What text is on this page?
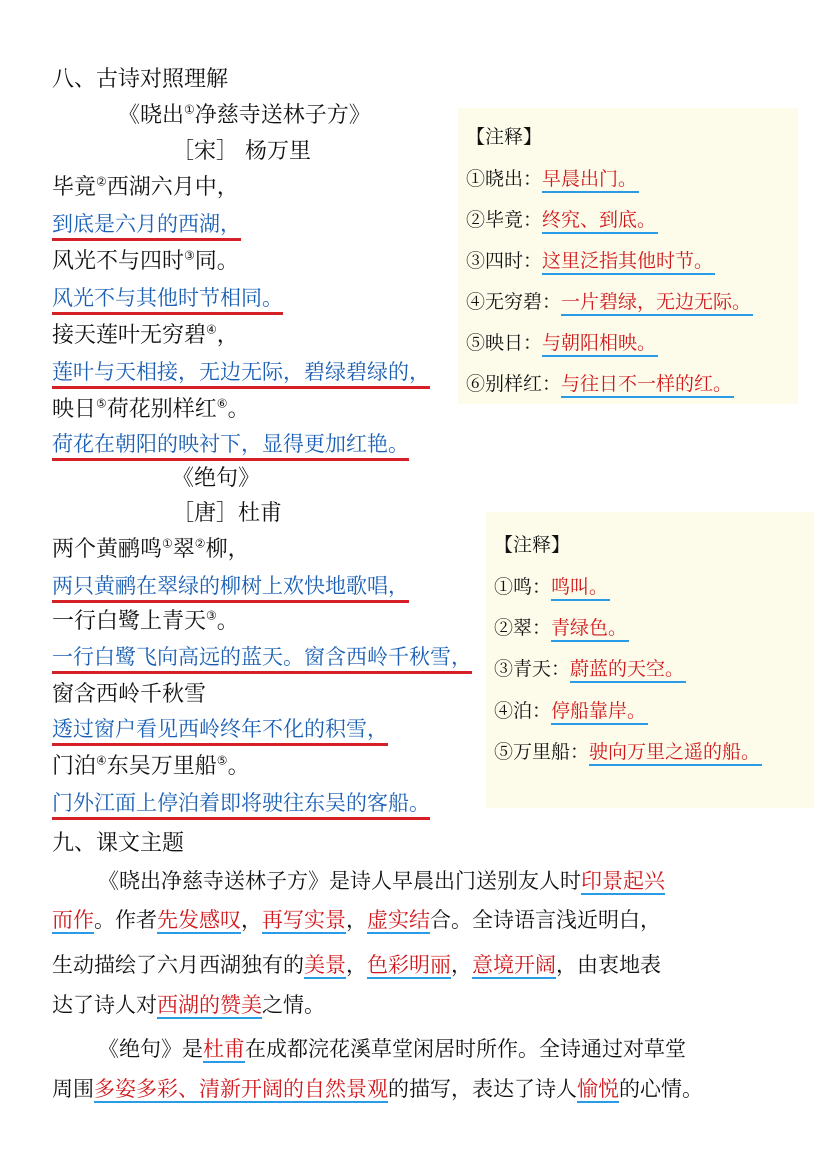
八、古诗对照理解
《晓出①净慈寺送林子方》
［宋］ 杨万里
毕竟②西湖六月中，
到底是六月的西湖，
风光不与四时③同。
风光不与其他时节相同。
接天莲叶无穷碧④，
莲叶与天相接，无边无际，碧绿碧绿的，
映日⑤荷花别样红⑥。
荷花在朝阳的映衬下，显得更加红艳。
【注释】
①晓出：早晨出门。
②毕竟：终究、到底。
③四时：这里泛指其他时节。
④无穷碧：一片碧绿，无边无际。
⑤映日：与朝阳相映。
⑥别样红：与往日不一样的红。
《绝句》
［唐］杜甫
两个黄鹂鸣①翠②柳，
两只黄鹂在翠绿的柳树上欢快地歌唱，
一行白鹭上青天③。
一行白鹭飞向高远的蓝天。窗含西岭千秋雪，
窗含西岭千秋雪
透过窗户看见西岭终年不化的积雪，
门泊④东吴万里船⑤。
门外江面上停泊着即将驶往东吴的客船。
【注释】
①鸣：鸣叫。
②翠：青绿色。
③青天：蔚蓝的天空。
④泊：停船靠岸。
⑤万里船：驶向万里之遥的船。
九、课文主题
《晓出净慈寺送林子方》是诗人早晨出门送别友人时印景起兴
而作。作者先发感叹，再写实景，虚实结合。全诗语言浅近明白，
生动描绘了六月西湖独有的美景，色彩明丽，意境开阔，由衷地表
达了诗人对西湖的赞美之情。
《绝句》是杜甫在成都浣花溪草堂闲居时所作。全诗通过对草堂
周围多姿多彩、清新开阔的自然景观的描写，表达了诗人愉悦的心情。
